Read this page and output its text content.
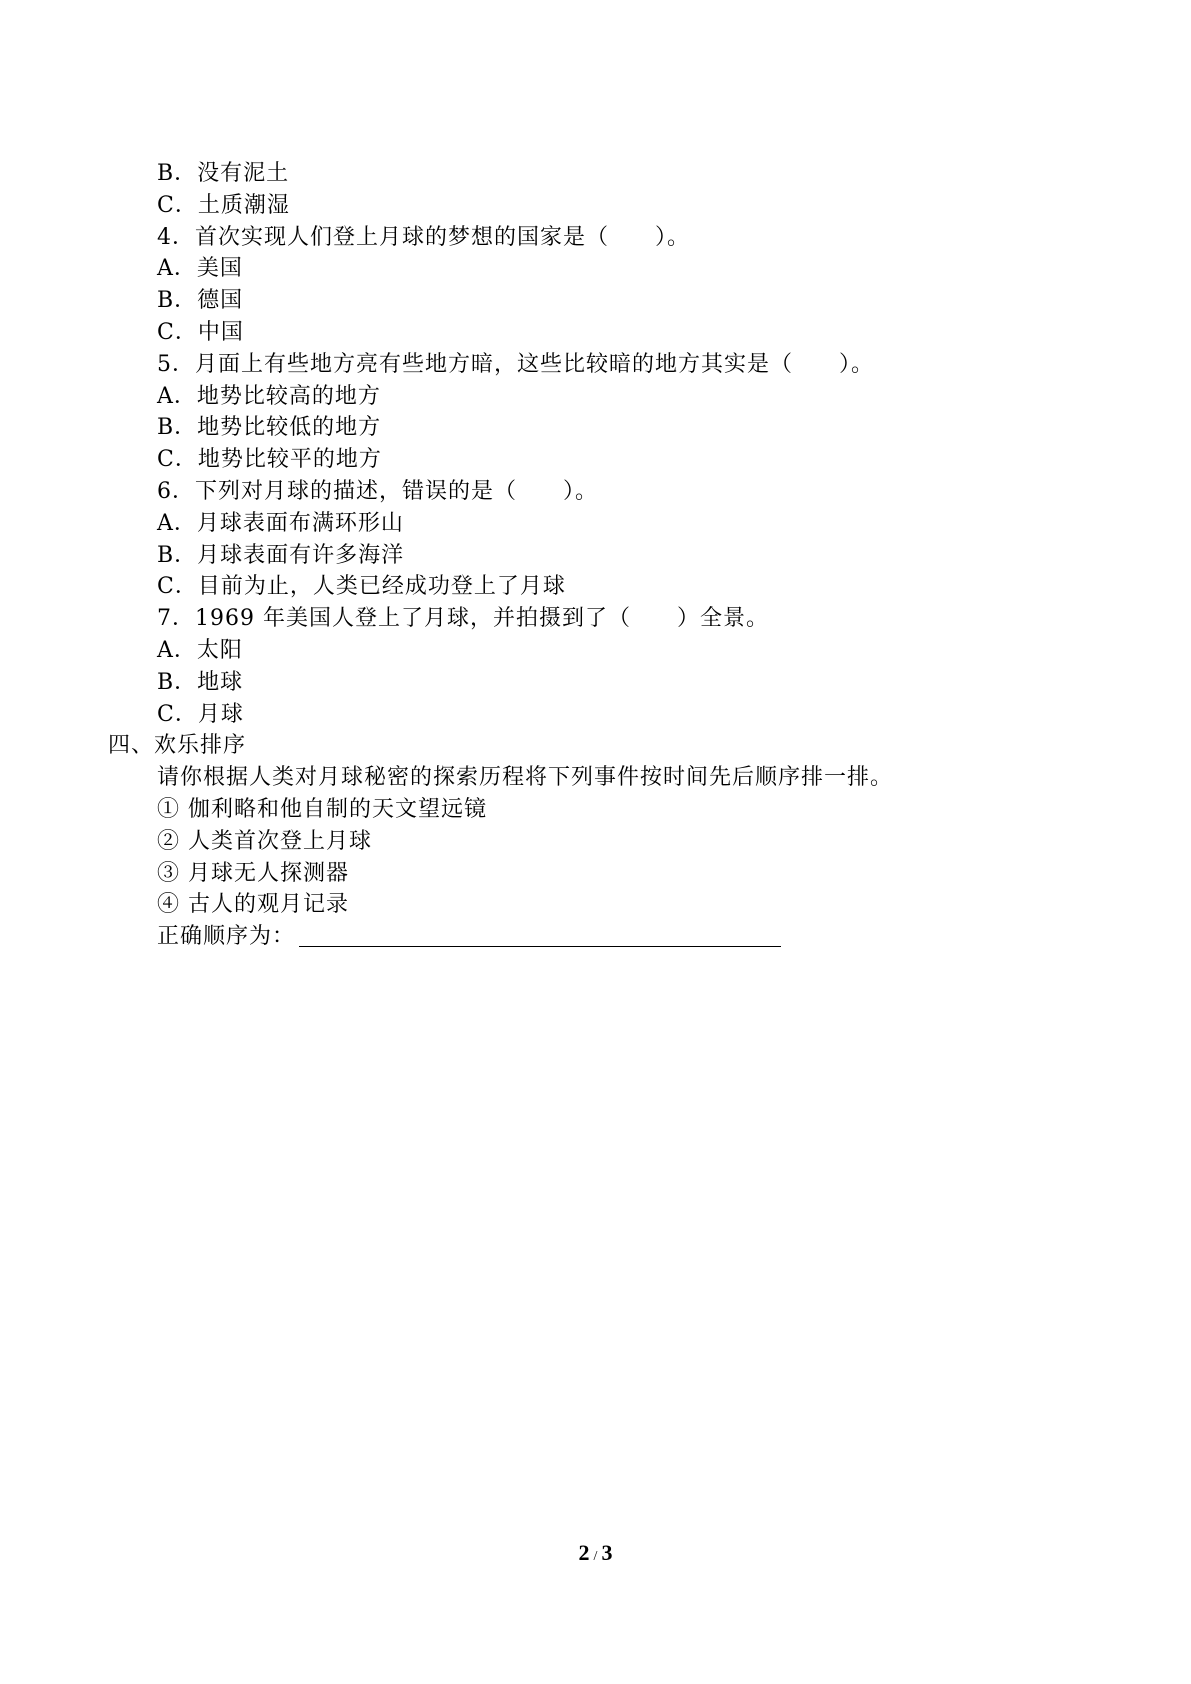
B．没有泥土
C．土质潮湿
4．首次实现人们登上月球的梦想的国家是（　　）。
A．美国
B．德国
C．中国
5．月面上有些地方亮有些地方暗，这些比较暗的地方其实是（　　）。
A．地势比较高的地方
B．地势比较低的地方
C．地势比较平的地方
6．下列对月球的描述，错误的是（　　）。
A．月球表面布满环形山
B．月球表面有许多海洋
C．目前为止，人类已经成功登上了月球
7．1969 年美国人登上了月球，并拍摄到了（　　）全景。
A．太阳
B．地球
C．月球
四、欢乐排序
请你根据人类对月球秘密的探索历程将下列事件按时间先后顺序排一排。
① 伽利略和他自制的天文望远镜
② 人类首次登上月球
③ 月球无人探测器
④ 古人的观月记录
正确顺序为：
2 / 3
